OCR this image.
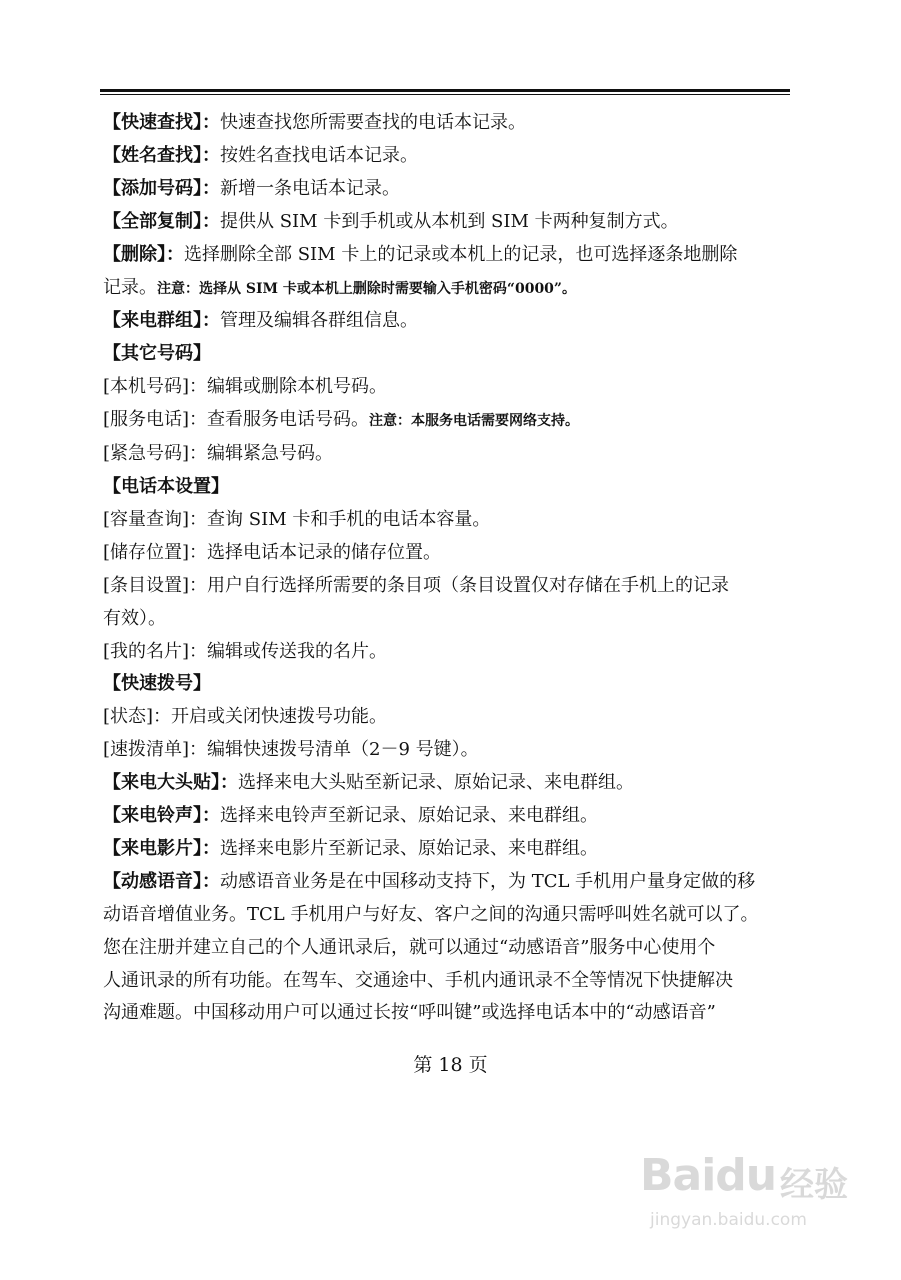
【快速查找】：快速查找您所需要查找的电话本记录。
【姓名查找】：按姓名查找电话本记录。
【添加号码】：新增一条电话本记录。
【全部复制】：提供从 SIM 卡到手机或从本机到 SIM 卡两种复制方式。
【删除】：选择删除全部 SIM 卡上的记录或本机上的记录，也可选择逐条地删除
记录。注意：选择从 SIM 卡或本机上删除时需要输入手机密码“0000”。
【来电群组】：管理及编辑各群组信息。
【其它号码】
[本机号码]：编辑或删除本机号码。
[服务电话]：查看服务电话号码。注意：本服务电话需要网络支持。
[紧急号码]：编辑紧急号码。
【电话本设置】
[容量查询]：查询 SIM 卡和手机的电话本容量。
[储存位置]：选择电话本记录的储存位置。
[条目设置]：用户自行选择所需要的条目项（条目设置仅对存储在手机上的记录
有效）。
[我的名片]：编辑或传送我的名片。
【快速拨号】
[状态]：开启或关闭快速拨号功能。
[速拨清单]：编辑快速拨号清单（2－9 号键）。
【来电大头贴】：选择来电大头贴至新记录、原始记录、来电群组。
【来电铃声】：选择来电铃声至新记录、原始记录、来电群组。
【来电影片】：选择来电影片至新记录、原始记录、来电群组。
【动感语音】：动感语音业务是在中国移动支持下，为 TCL 手机用户量身定做的移
动语音增值业务。TCL 手机用户与好友、客户之间的沟通只需呼叫姓名就可以了。
您在注册并建立自己的个人通讯录后，就可以通过“动感语音”服务中心使用个
人通讯录的所有功能。在驾车、交通途中、手机内通讯录不全等情况下快捷解决
沟通难题。中国移动用户可以通过长按“呼叫键”或选择电话本中的“动感语音”
第 18 页
Baidu 经验
jingyan.baidu.com
